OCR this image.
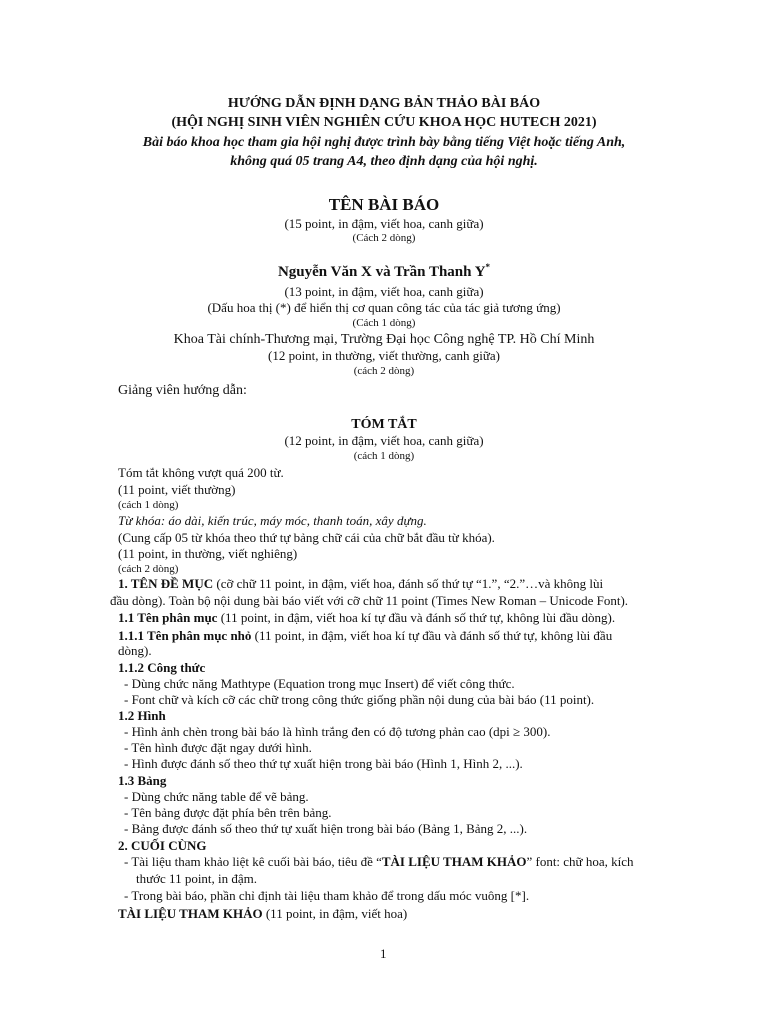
HƯỚNG DẪN ĐỊNH DẠNG BẢN THẢO BÀI BÁO
(HỘI NGHỊ SINH VIÊN NGHIÊN CỨU KHOA HỌC HUTECH 2021)
Bài báo khoa học tham gia hội nghị được trình bày bằng tiếng Việt hoặc tiếng Anh,
không quá 05 trang A4, theo định dạng của hội nghị.
TÊN BÀI BÁO
(15 point, in đậm, viết hoa, canh giữa)
(Cách 2 dòng)
Nguyễn Văn X và Trần Thanh Y*
(13 point, in đậm, viết hoa, canh giữa)
(Dấu hoa thị (*) để hiển thị cơ quan công tác của tác giả tương ứng)
(Cách 1 dòng)
Khoa Tài chính-Thương mại, Trường Đại học Công nghệ TP. Hồ Chí Minh
(12 point, in thường, viết thường, canh giữa)
(cách 2 dòng)
Giảng viên hướng dẫn:
TÓM TẮT
(12 point, in đậm, viết hoa, canh giữa)
(cách 1 dòng)
Tóm tắt không vượt quá 200 từ.
(11 point, viết thường)
(cách 1 dòng)
Từ khóa: áo dài, kiến trúc, máy móc, thanh toán, xây dựng.
(Cung cấp 05 từ khóa theo thứ tự bảng chữ cái của chữ bắt đầu từ khóa).
(11 point, in thường, viết nghiêng)
(cách 2 dòng)
1. TÊN ĐỀ MỤC (cỡ chữ 11 point, in đậm, viết hoa, đánh số thứ tự “1.”, “2.”…và không lùi
đầu dòng). Toàn bộ nội dung bài báo viết với cỡ chữ 11 point (Times New Roman – Unicode Font).
1.1 Tên phân mục (11 point, in đậm, viết hoa kí tự đầu và đánh số thứ tự, không lùi đầu dòng).
1.1.1 Tên phân mục nhỏ (11 point, in đậm, viết hoa kí tự đầu và đánh số thứ tự, không lùi đầu
dòng).
1.1.2 Công thức
- Dùng chức năng Mathtype (Equation trong mục Insert) để viết công thức.
- Font chữ và kích cỡ các chữ trong công thức giống phần nội dung của bài báo (11 point).
1.2 Hình
- Hình ảnh chèn trong bài báo là hình trắng đen có độ tương phản cao (dpi ≥ 300).
- Tên hình được đặt ngay dưới hình.
- Hình được đánh số theo thứ tự xuất hiện trong bài báo (Hình 1, Hình 2, ...).
1.3 Bảng
- Dùng chức năng table để vẽ bảng.
- Tên bảng được đặt phía bên trên bảng.
- Bảng được đánh số theo thứ tự xuất hiện trong bài báo (Bảng 1, Bảng 2, ...).
2. CUỐI CÙNG
- Tài liệu tham khảo liệt kê cuối bài báo, tiêu đề “TÀI LIỆU THAM KHẢO” font: chữ hoa, kích
thước 11 point, in đậm.
- Trong bài báo, phần chỉ định tài liệu tham khảo để trong dấu móc vuông [*].
TÀI LIỆU THAM KHẢO (11 point, in đậm, viết hoa)
1
